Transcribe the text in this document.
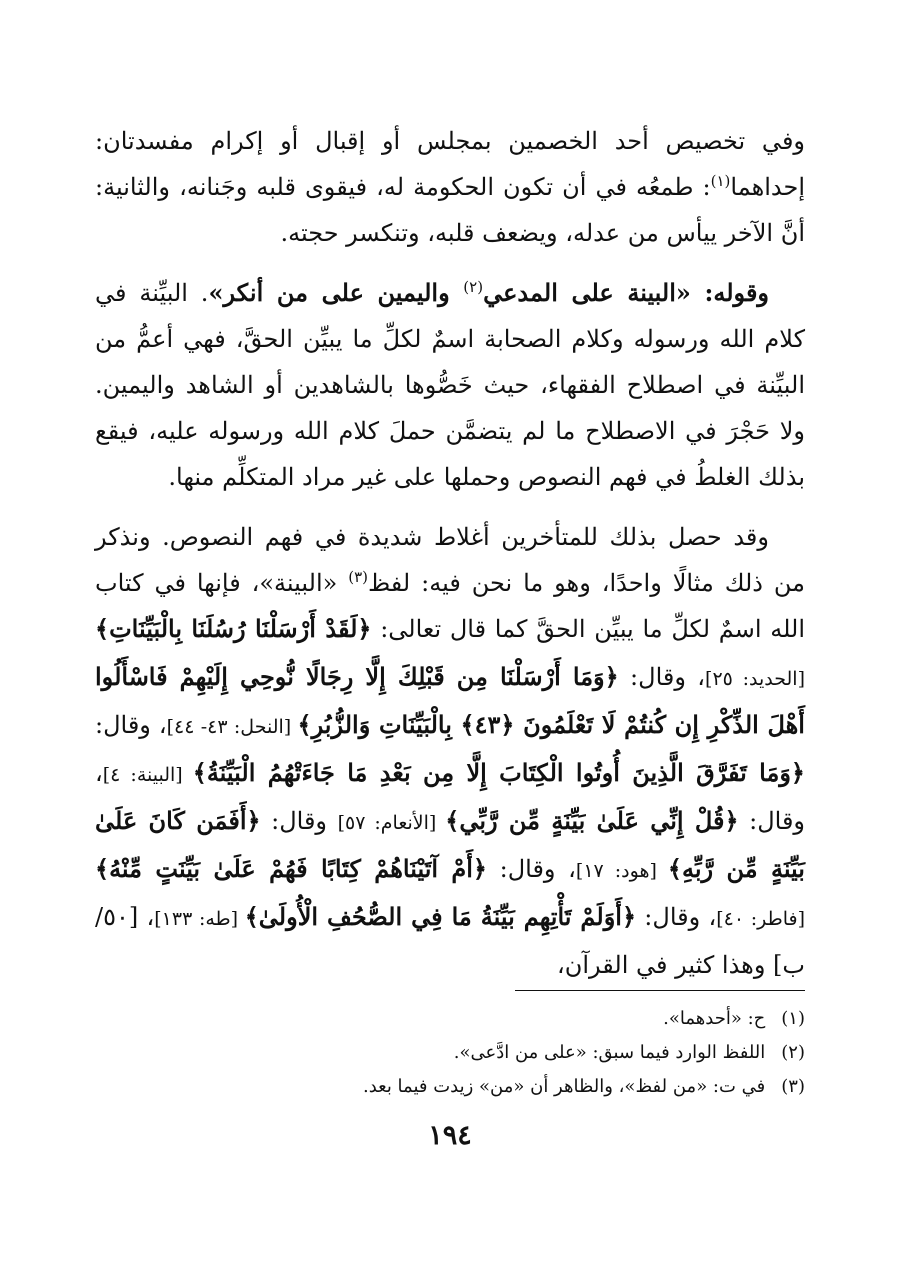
وفي تخصيص أحد الخصمين بمجلس أو إقبال أو إكرام مفسدتان: إحداهما$^{(١)}$: طمعُه في أن تكون الحكومة له، فيقوى قلبه وجَنانه، والثانية: أنَّ الآخر ييأس من عدله، ويضعف قلبه، وتنكسر حجته.

وقوله: «البينة على المدعي$^{(٢)}$ واليمين على من أنكر». البيِّنة في كلام الله ورسوله وكلام الصحابة اسمٌ لكلِّ ما يبيِّن الحقَّ، فهي أعمُّ من البيِّنة في اصطلاح الفقهاء، حيث خَصُّوها بالشاهدين أو الشاهد واليمين. ولا حَجْرَ في الاصطلاح ما لم يتضمَّن حملَ كلام الله ورسوله عليه، فيقع بذلك الغلطُ في فهم النصوص وحملها على غير مراد المتكلِّم منها.

وقد حصل بذلك للمتأخرين أغلاط شديدة في فهم النصوص. ونذكر من ذلك مثالًا واحدًا، وهو ما نحن فيه: لفظ$^{(٣)}$ «البينة»، فإنها في كتاب الله اسمٌ لكلِّ ما يبيِّن الحقَّ كما قال تعالى: ﴿لَقَدْ أَرْسَلْنَا رُسُلَنَا بِالْبَيِّنَاتِ﴾ [الحديد: ٢٥]، وقال: ﴿وَمَا أَرْسَلْنَا مِن قَبْلِكَ إِلَّا رِجَالًا نُّوحِي إِلَيْهِمْ فَاسْأَلُوا أَهْلَ الذِّكْرِ إِن كُنتُمْ لَا تَعْلَمُونَ ﴿٤٣﴾ بِالْبَيِّنَاتِ وَالزُّبُرِ﴾ [النحل: ٤٣- ٤٤]، وقال: ﴿وَمَا تَفَرَّقَ الَّذِينَ أُوتُوا الْكِتَابَ إِلَّا مِن بَعْدِ مَا جَاءَتْهُمُ الْبَيِّنَةُ﴾ [البينة: ٤]، وقال: ﴿قُلْ إِنِّي عَلَىٰ بَيِّنَةٍ مِّن رَّبِّي﴾ [الأنعام: ٥٧] وقال: ﴿أَفَمَن كَانَ عَلَىٰ بَيِّنَةٍ مِّن رَّبِّهِ﴾ [هود: ١٧]، وقال: ﴿أَمْ آتَيْنَاهُمْ كِتَابًا فَهُمْ عَلَىٰ بَيِّنَتٍ مِّنْهُ﴾ [فاطر: ٤٠]، وقال: ﴿أَوَلَمْ تَأْتِهِم بَيِّنَةُ مَا فِي الصُّحُفِ الْأُولَىٰ﴾ [طه: ١٣٣]، [٥٠/ب] وهذا كثير في القرآن،

(١) ح: «أحدهما».

(٢) اللفظ الوارد فيما سبق: «على من ادَّعى».

(٣) في ت: «من لفظ»، والظاهر أن «من» زيدت فيما بعد.

١٩٤
